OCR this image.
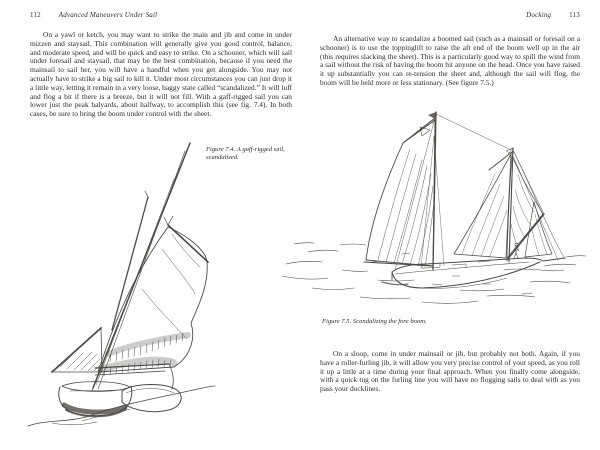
112	Advanced Maneuvers Under Sail	Docking	113
On a yawl or ketch, you may want to strike the main and jib and come in under mizzen and staysail. This combination will generally give you good control, balance, and moderate speed, and will be quick and easy to strike. On a schooner, which will sail under foresail and staysail, that may be the best combination, because if you need the mainsail to sail her, you will have a handful when you get alongside. You may not actually have to strike a big sail to kill it. Under most circumstances you can just drop it a little way, letting it remain in a very loose, baggy state called “scandalized.” It will luff and flog a bit if there is a breeze, but it will not fill. With a gaff-rigged sail you can lower just the peak halyards, about halfway, to accomplish this (see fig. 7.4). In both cases, be sure to bring the boom under control with the sheet.
Figure 7.4. A gaff-rigged sail, scandalized.
An alternative way to scandalize a boomed sail (such as a mainsail or foresail on a schooner) is to use the toppinglift to raise the aft end of the boom well up in the air (this requires slacking the sheet). This is a particularly good way to spill the wind from a sail without the risk of having the boom hit anyone on the head. Once you have raised it up substantially you can re-tension the sheet and, although the sail will flog, the boom will be held more or less stationary. (See figure 7.5.)
Figure 7.5. Scandalizing the fore boom.
On a sloop, come in under mainsail or jib, but probably not both. Again, if you have a roller-furling jib, it will allow you very precise control of your speed, as you roll it up a little at a time during your final approach. When you finally come alongside, with a quick tug on the furling line you will have no flogging sails to deal with as you pass your docklines.
